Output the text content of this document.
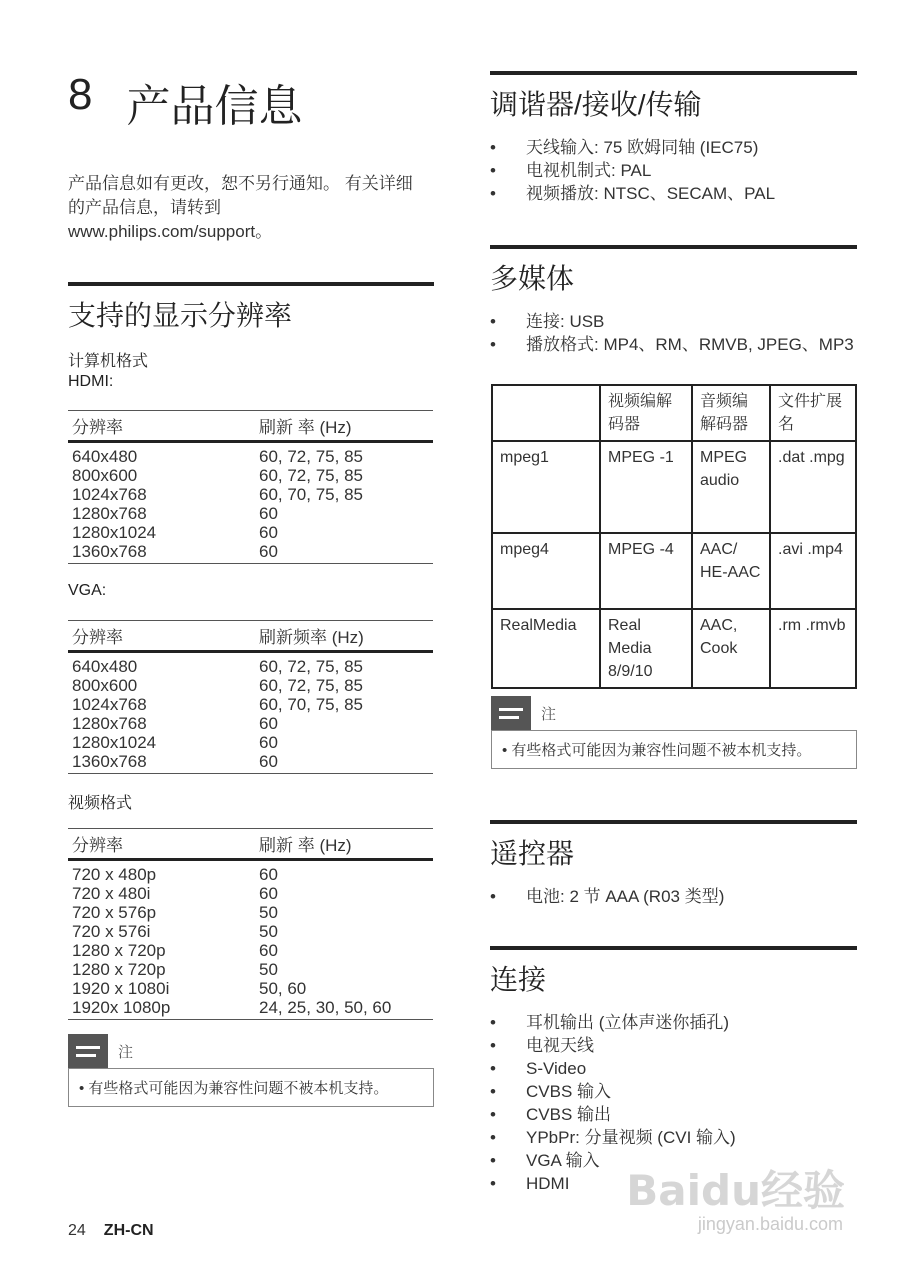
8 产品信息
产品信息如有更改，恕不另行通知。 有关详细的产品信息，请转到 www.philips.com/support。
支持的显示分辨率
计算机格式
HDMI:
分辨率	刷新 率 (Hz)
640x480	60, 72, 75, 85
800x600	60, 72, 75, 85
1024x768	60, 70, 75, 85
1280x768	60
1280x1024	60
1360x768	60
VGA:
分辨率	刷新频率 (Hz)
640x480	60, 72, 75, 85
800x600	60, 72, 75, 85
1024x768	60, 70, 75, 85
1280x768	60
1280x1024	60
1360x768	60
视频格式
分辨率	刷新 率 (Hz)
720 x 480p	60
720 x 480i	60
720 x 576p	50
720 x 576i	50
1280 x 720p	60
1280 x 720p	50
1920 x 1080i	50, 60
1920x 1080p	24, 25, 30, 50, 60
注
• 有些格式可能因为兼容性问题不被本机支持。
调谐器/接收/传输
• 天线输入: 75 欧姆同轴 (IEC75)
• 电视机制式: PAL
• 视频播放: NTSC、SECAM、PAL
多媒体
• 连接: USB
• 播放格式: MP4、RM、RMVB, JPEG、MP3
	视频编解码器	音频编解码器	文件扩展名
mpeg1	MPEG -1	MPEG audio	.dat .mpg
mpeg4	MPEG -4	AAC/ HE-AAC	.avi .mp4
RealMedia	Real Media 8/9/10	AAC, Cook	.rm .rmvb
注
• 有些格式可能因为兼容性问题不被本机支持。
遥控器
• 电池: 2 节 AAA (R03 类型)
连接
• 耳机输出 (立体声迷你插孔)
• 电视天线
• S-Video
• CVBS 输入
• CVBS 输出
• YPbPr: 分量视频 (CVI 输入)
• VGA 输入
• HDMI
24 ZH-CN
Baidu经验
jingyan.baidu.com
